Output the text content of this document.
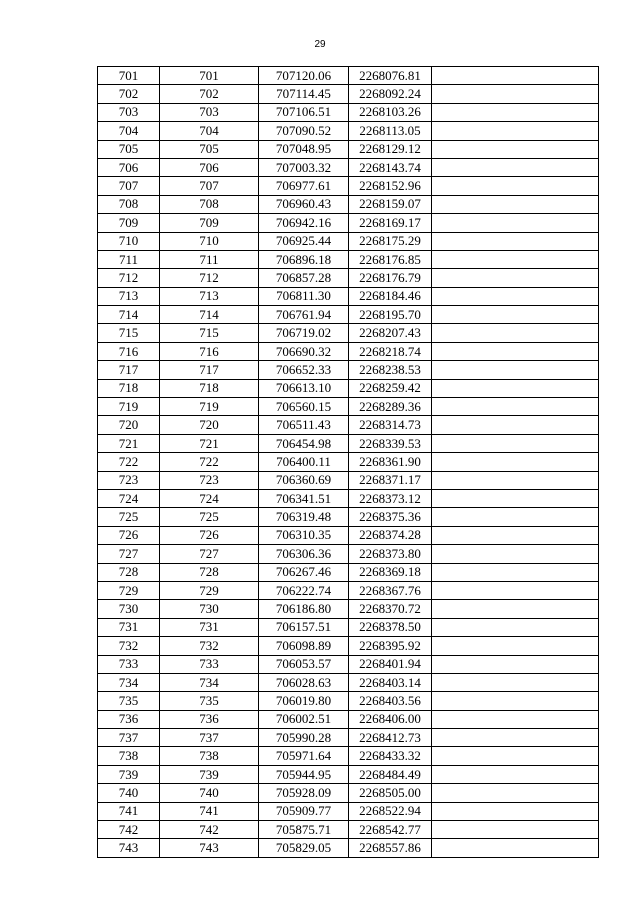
29
701	701	707120.06	2268076.81	
702	702	707114.45	2268092.24	
703	703	707106.51	2268103.26	
704	704	707090.52	2268113.05	
705	705	707048.95	2268129.12	
706	706	707003.32	2268143.74	
707	707	706977.61	2268152.96	
708	708	706960.43	2268159.07	
709	709	706942.16	2268169.17	
710	710	706925.44	2268175.29	
711	711	706896.18	2268176.85	
712	712	706857.28	2268176.79	
713	713	706811.30	2268184.46	
714	714	706761.94	2268195.70	
715	715	706719.02	2268207.43	
716	716	706690.32	2268218.74	
717	717	706652.33	2268238.53	
718	718	706613.10	2268259.42	
719	719	706560.15	2268289.36	
720	720	706511.43	2268314.73	
721	721	706454.98	2268339.53	
722	722	706400.11	2268361.90	
723	723	706360.69	2268371.17	
724	724	706341.51	2268373.12	
725	725	706319.48	2268375.36	
726	726	706310.35	2268374.28	
727	727	706306.36	2268373.80	
728	728	706267.46	2268369.18	
729	729	706222.74	2268367.76	
730	730	706186.80	2268370.72	
731	731	706157.51	2268378.50	
732	732	706098.89	2268395.92	
733	733	706053.57	2268401.94	
734	734	706028.63	2268403.14	
735	735	706019.80	2268403.56	
736	736	706002.51	2268406.00	
737	737	705990.28	2268412.73	
738	738	705971.64	2268433.32	
739	739	705944.95	2268484.49	
740	740	705928.09	2268505.00	
741	741	705909.77	2268522.94	
742	742	705875.71	2268542.77	
743	743	705829.05	2268557.86	
